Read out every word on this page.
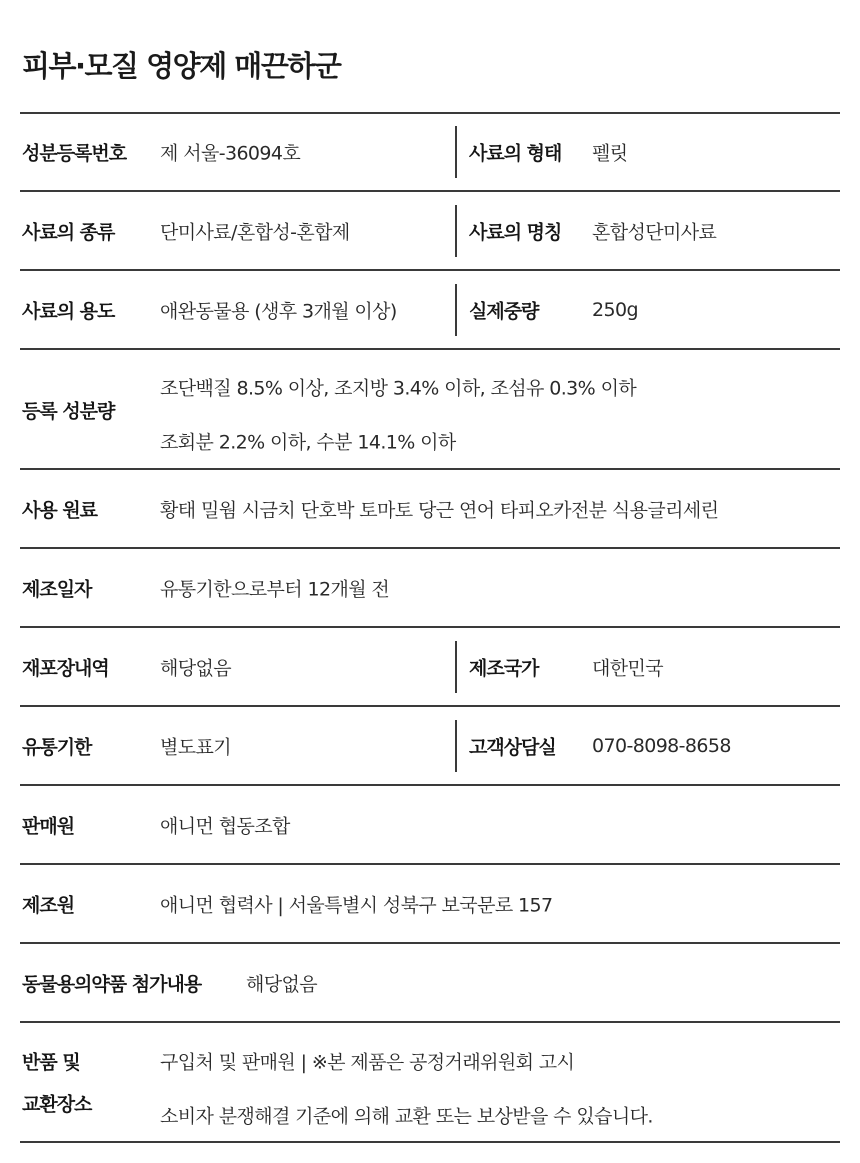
피부·모질 영양제 매끈하군
성분등록번호 제 서울-36094호	사료의 형태 펠릿
사료의 종류 단미사료/혼합성-혼합제	사료의 명칭 혼합성단미사료
사료의 용도 애완동물용 (생후 3개월 이상)	실제중량	250g
등록 성분량
조단백질 8.5% 이상, 조지방 3.4% 이하, 조섬유 0.3% 이하
조회분 2.2% 이하, 수분 14.1% 이하
사용 원료	황태 밀웜 시금치 단호박 토마토 당근 연어 타피오카전분 식용글리세린
제조일자	유통기한으로부터 12개월 전
재포장내역	해당없음	제조국가	대한민국
유통기한	별도표기	고객상담실 070-8098-8658
판매원	애니먼 협동조합
제조원	애니먼 협력사 | 서울특별시 성북구 보국문로 157
동물용의약품 첨가내용 해당없음
반품 및
교환장소
구입처 및 판매원 | ※본 제품은 공정거래위원회 고시
소비자 분쟁해결 기준에 의해 교환 또는 보상받을 수 있습니다.
